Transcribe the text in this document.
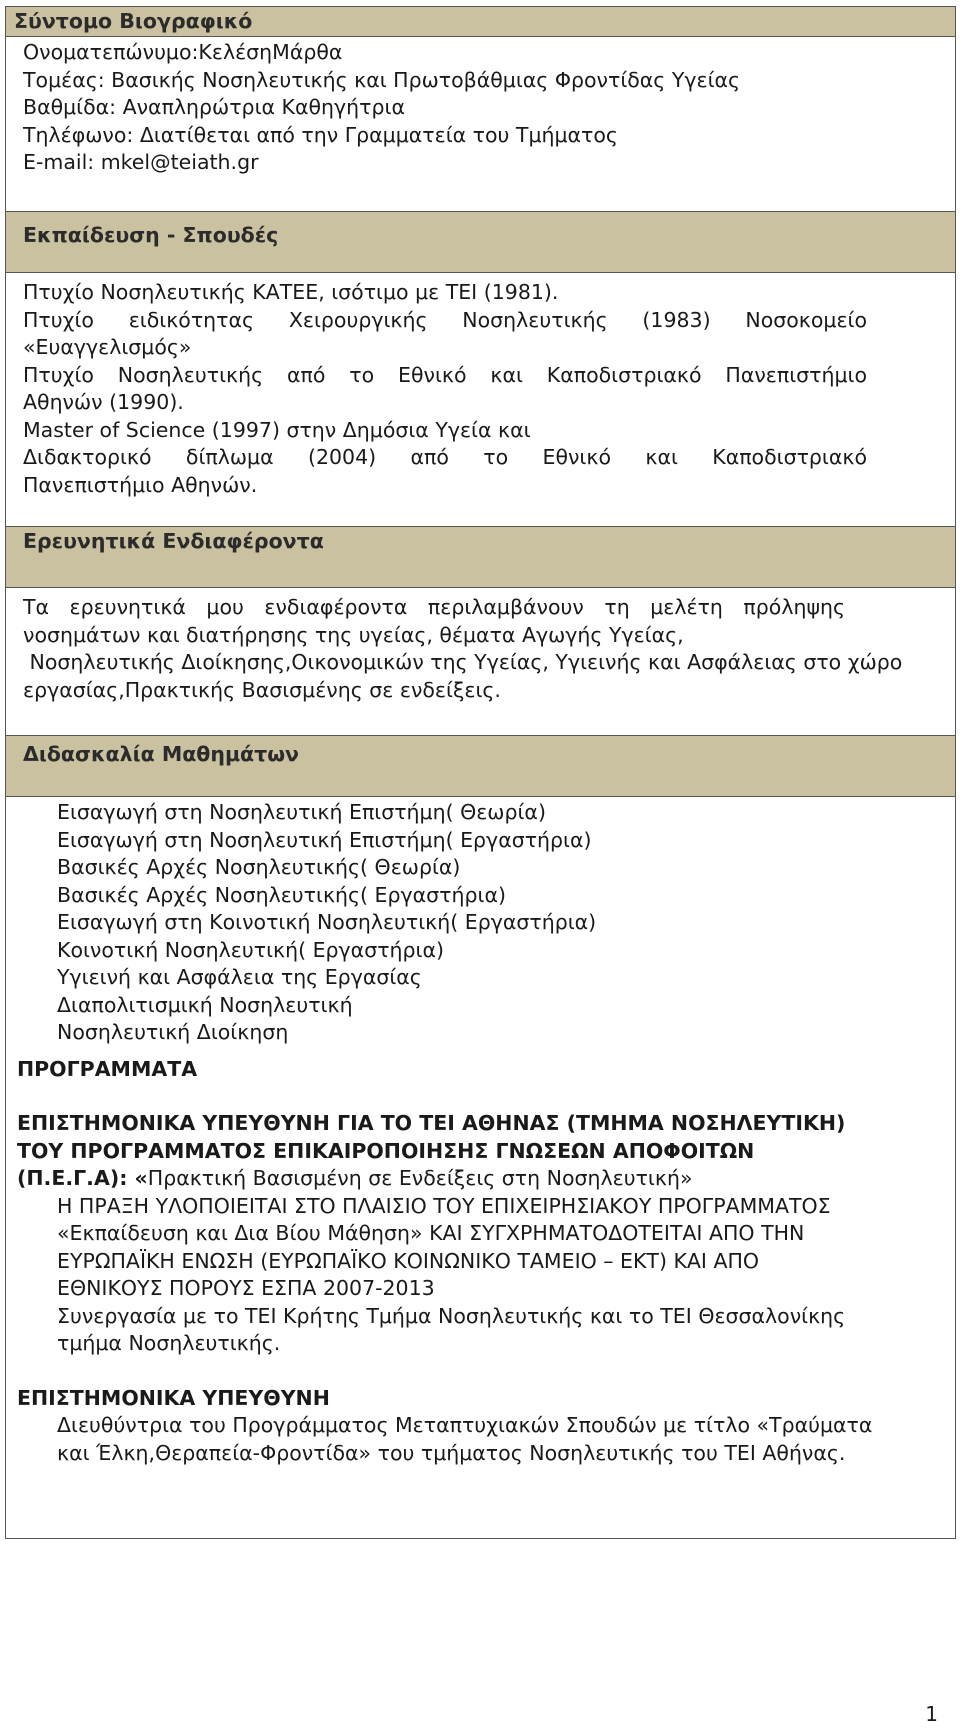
Σύντομο Βιογραφικό
Ονοματεπώνυμο:ΚελέσηΜάρθα
Τομέας: Βασικής Νοσηλευτικής και Πρωτοβάθμιας Φροντίδας Υγείας
Βαθμίδα: Αναπληρώτρια Καθηγήτρια
Τηλέφωνο: Διατίθεται από την Γραμματεία του Τμήματος
E-mail: mkel@teiath.gr
Εκπαίδευση - Σπουδές
Πτυχίο Νοσηλευτικής ΚΑΤΕΕ, ισότιμο με ΤΕΙ (1981).
Πτυχίο ειδικότητας Χειρουργικής Νοσηλευτικής (1983) Νοσοκομείο
«Ευαγγελισμός»
Πτυχίο Νοσηλευτικής από το Εθνικό και Καποδιστριακό Πανεπιστήμιο
Αθηνών (1990).
Master of Science (1997) στην Δημόσια Υγεία και
Διδακτορικό δίπλωμα (2004) από το Εθνικό και Καποδιστριακό
Πανεπιστήμιο Αθηνών.
Ερευνητικά Ενδιαφέροντα
Τα ερευνητικά μου ενδιαφέροντα περιλαμβάνουν τη μελέτη πρόληψης
νοσημάτων και διατήρησης της υγείας, θέματα Αγωγής Υγείας,
Νοσηλευτικής Διοίκησης,Οικονομικών της Υγείας, Υγιεινής και Ασφάλειας στο χώρο
εργασίας,Πρακτικής Βασισμένης σε ενδείξεις.
Διδασκαλία Μαθημάτων
Εισαγωγή στη Νοσηλευτική Επιστήμη( Θεωρία)
Εισαγωγή στη Νοσηλευτική Επιστήμη( Εργαστήρια)
Βασικές Αρχές Νοσηλευτικής( Θεωρία)
Βασικές Αρχές Νοσηλευτικής( Εργαστήρια)
Εισαγωγή στη Κοινοτική Νοσηλευτική( Εργαστήρια)
Κοινοτική Νοσηλευτική( Εργαστήρια)
Υγιεινή και Ασφάλεια της Εργασίας
Διαπολιτισμική Νοσηλευτική
Νοσηλευτική Διοίκηση
ΠΡΟΓΡΑΜΜΑΤΑ
ΕΠΙΣΤΗΜΟΝΙΚΑ ΥΠΕΥΘΥΝΗ ΓΙΑ ΤΟ ΤΕΙ ΑΘΗΝΑΣ (ΤΜΗΜΑ ΝΟΣΗΛΕΥΤΙΚΗ)
ΤΟΥ ΠΡΟΓΡΑΜΜΑΤΟΣ ΕΠΙΚΑΙΡΟΠΟΙΗΣΗΣ ΓΝΩΣΕΩΝ ΑΠΟΦΟΙΤΩΝ
(Π.Ε.Γ.Α): «Πρακτική Βασισμένη σε Ενδείξεις στη Νοσηλευτική»
Η ΠΡΑΞΗ ΥΛΟΠΟΙΕΙΤΑΙ ΣΤΟ ΠΛΑΙΣΙΟ ΤΟΥ ΕΠΙΧΕΙΡΗΣΙΑΚΟΥ ΠΡΟΓΡΑΜΜΑΤΟΣ
«Εκπαίδευση και Δια Βίου Μάθηση» ΚΑΙ ΣΥΓΧΡΗΜΑΤΟΔΟΤΕΙΤΑΙ ΑΠΟ ΤΗΝ
ΕΥΡΩΠΑΪΚΗ ΕΝΩΣΗ (ΕΥΡΩΠΑΪΚΟ ΚΟΙΝΩΝΙΚΟ ΤΑΜΕΙΟ – ΕΚΤ) ΚΑΙ ΑΠΟ
ΕΘΝΙΚΟΥΣ ΠΟΡΟΥΣ ΕΣΠΑ 2007-2013
Συνεργασία με το ΤΕΙ Κρήτης Τμήμα Νοσηλευτικής και το ΤΕΙ Θεσσαλονίκης
τμήμα Νοσηλευτικής.
ΕΠΙΣΤΗΜΟΝΙΚΑ ΥΠΕΥΘΥΝΗ
Διευθύντρια του Προγράμματος Μεταπτυχιακών Σπουδών με τίτλο «Τραύματα
και Έλκη,Θεραπεία-Φροντίδα» του τμήματος Νοσηλευτικής του ΤΕΙ Αθήνας.
1
